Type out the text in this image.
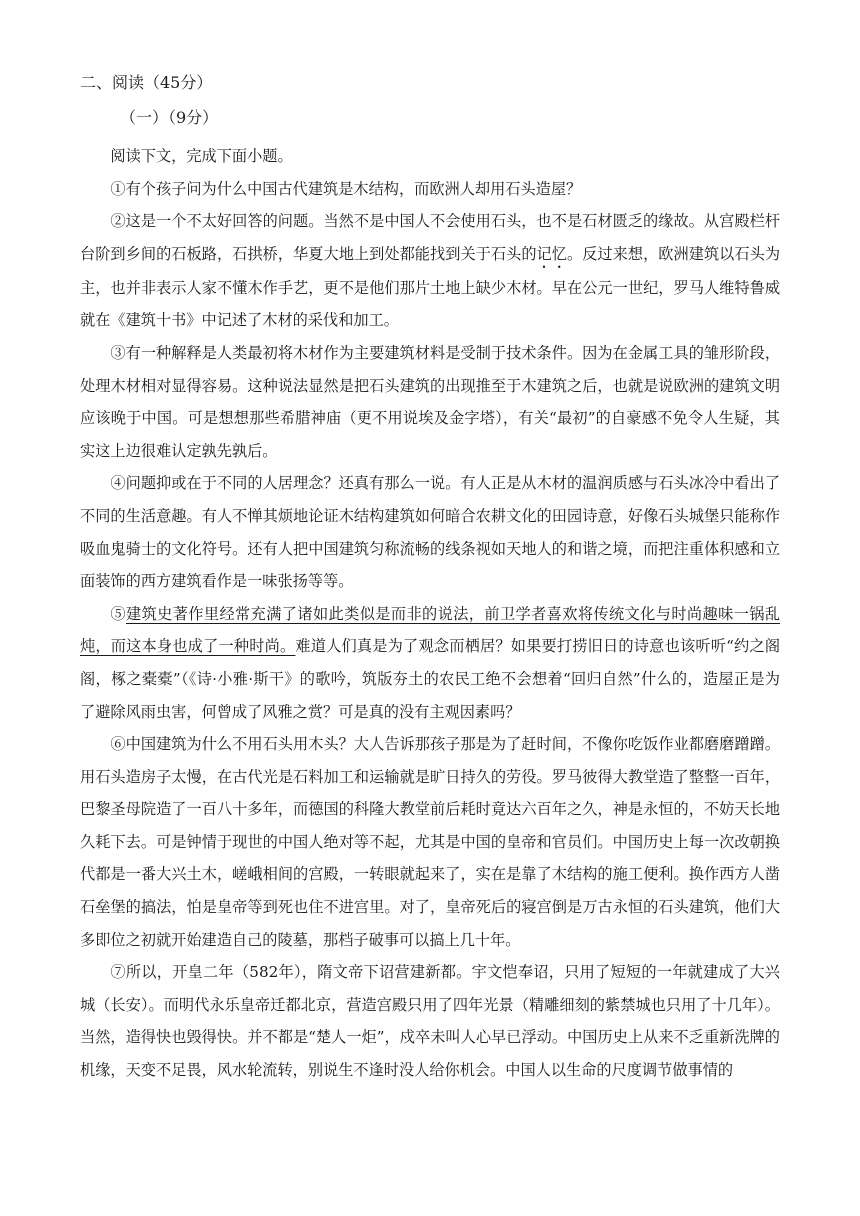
二、阅读（45分）
（一）（9分）

阅读下文，完成下面小题。

①有个孩子问为什么中国古代建筑是木结构，而欧洲人却用石头造屋？

②这是一个不太好回答的问题。当然不是中国人不会使用石头，也不是石材匮乏的缘故。从宫殿栏杆台阶到乡间的石板路，石拱桥，华夏大地上到处都能找到关于石头的记忆。反过来想，欧洲建筑以石头为主，也并非表示人家不懂木作手艺，更不是他们那片土地上缺少木材。早在公元一世纪，罗马人维特鲁威就在《建筑十书》中记述了木材的采伐和加工。

③有一种解释是人类最初将木材作为主要建筑材料是受制于技术条件。因为在金属工具的雏形阶段，处理木材相对显得容易。这种说法显然是把石头建筑的出现推至于木建筑之后，也就是说欧洲的建筑文明应该晚于中国。可是想想那些希腊神庙（更不用说埃及金字塔），有关“最初”的自豪感不免令人生疑，其实这上边很难认定孰先孰后。

④问题抑或在于不同的人居理念？还真有那么一说。有人正是从木材的温润质感与石头冰冷中看出了不同的生活意趣。有人不惮其烦地论证木结构建筑如何暗合农耕文化的田园诗意，好像石头城堡只能称作吸血鬼骑士的文化符号。还有人把中国建筑匀称流畅的线条视如天地人的和谐之境，而把注重体积感和立面装饰的西方建筑看作是一味张扬等等。

⑤建筑史著作里经常充满了诸如此类似是而非的说法，前卫学者喜欢将传统文化与时尚趣味一锅乱炖，而这本身也成了一种时尚。难道人们真是为了观念而栖居？如果要打捞旧日的诗意也该听听“约之阁阁，椓之橐橐”（《诗·小雅·斯干》的歌吟，筑版夯土的农民工绝不会想着“回归自然”什么的，造屋正是为了避除风雨虫害，何曾成了风雅之赏？可是真的没有主观因素吗？

⑥中国建筑为什么不用石头用木头？大人告诉那孩子那是为了赶时间，不像你吃饭作业都磨磨蹭蹭。用石头造房子太慢，在古代光是石料加工和运输就是旷日持久的劳役。罗马彼得大教堂造了整整一百年，巴黎圣母院造了一百八十多年，而德国的科隆大教堂前后耗时竟达六百年之久，神是永恒的，不妨天长地久耗下去。可是钟情于现世的中国人绝对等不起，尤其是中国的皇帝和官员们。中国历史上每一次改朝换代都是一番大兴土木，嵯峨相间的宫殿，一转眼就起来了，实在是靠了木结构的施工便利。换作西方人凿石垒堡的搞法，怕是皇帝等到死也住不进宫里。对了，皇帝死后的寝宫倒是万古永恒的石头建筑，他们大多即位之初就开始建造自己的陵墓，那档子破事可以搞上几十年。

⑦所以，开皇二年（582年），隋文帝下诏营建新都。宇文恺奉诏，只用了短短的一年就建成了大兴城（长安）。而明代永乐皇帝迁都北京，营造宫殿只用了四年光景（精雕细刻的紫禁城也只用了十几年）。当然，造得快也毁得快。并不都是“楚人一炬”，戍卒未叫人心早已浮动。中国历史上从来不乏重新洗牌的机缘，天变不足畏，风水轮流转，别说生不逢时没人给你机会。中国人以生命的尺度调节做事情的
